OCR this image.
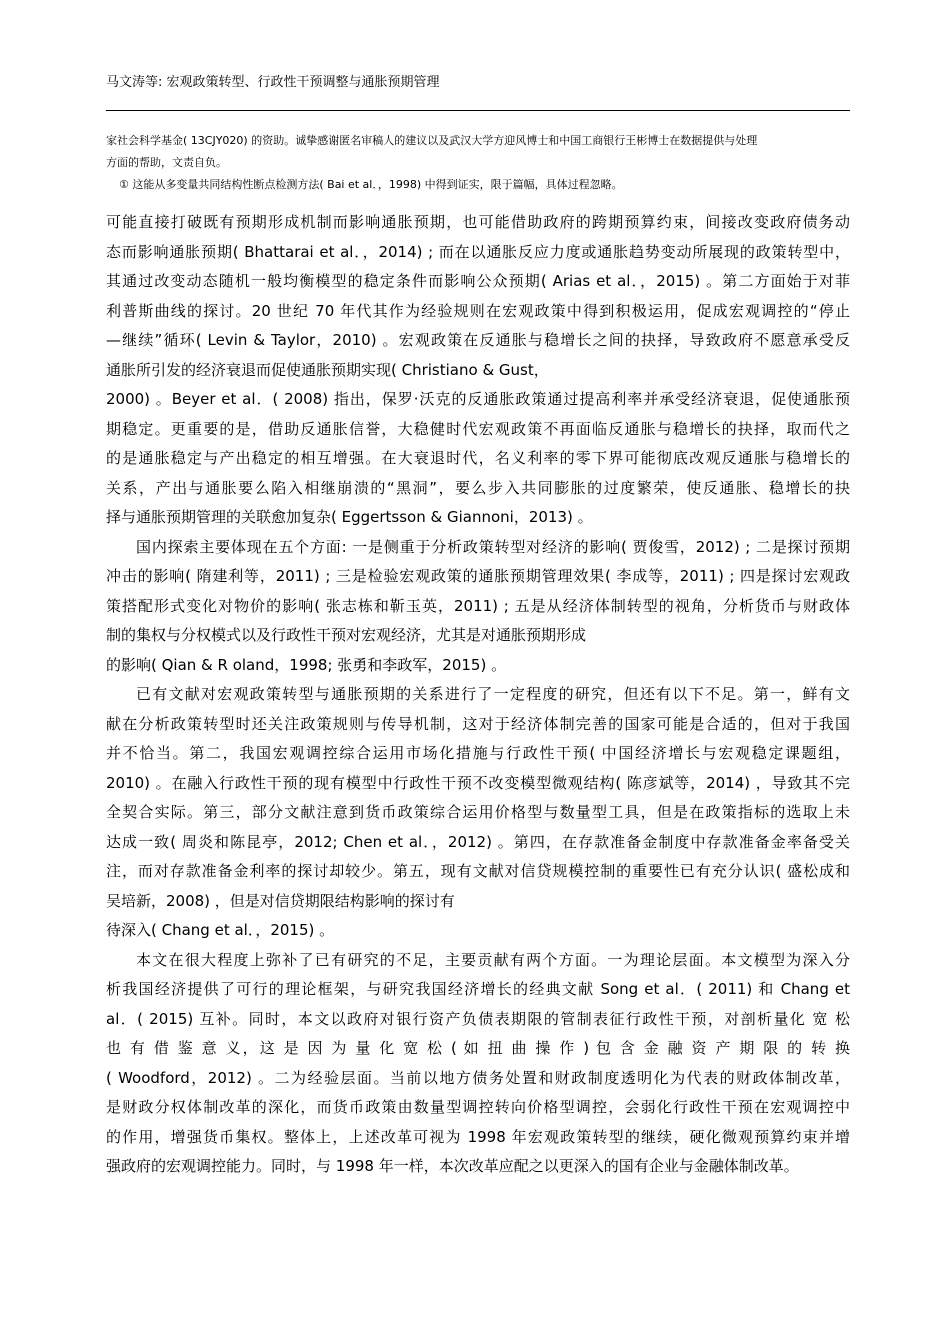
马文涛等: 宏观政策转型、行政性干预调整与通胀预期管理
家社会科学基金( 13CJY020) 的资助。诚挚感谢匿名审稿人的建议以及武汉大学方迎风博士和中国工商银行王彬博士在数据提供与处理
方面的帮助，文责自负。
① 这能从多变量共同结构性断点检测方法( Bai et al．，1998) 中得到证实，限于篇幅，具体过程忽略。
可能直接打破既有预期形成机制而影响通胀预期，也可能借助政府的跨期预算约束，间接改变政府债务动
态而影响通胀预期( Bhattarai et al．，2014) ; 而在以通胀反应力度或通胀趋势变动所展现的政策转型中，
其通过改变动态随机一般均衡模型的稳定条件而影响公众预期( Arias et al．，2015) 。第二方面始于对菲
利普斯曲线的探讨。20 世纪 70 年代其作为经验规则在宏观政策中得到积极运用，促成宏观调控的“停止
—继续”循环( Levin & Taylor，2010) 。宏观政策在反通胀与稳增长之间的抉择，导致政府不愿意承受反
通胀所引发的经济衰退而促使通胀预期实现( Christiano & Gust，
2000) 。Beyer et al．( 2008) 指出，保罗·沃克的反通胀政策通过提高利率并承受经济衰退，促使通胀预
期稳定。更重要的是，借助反通胀信誉，大稳健时代宏观政策不再面临反通胀与稳增长的抉择，取而代之
的是通胀稳定与产出稳定的相互增强。在大衰退时代，名义利率的零下界可能彻底改观反通胀与稳增长的
关系，产出与通胀要么陷入相继崩溃的“黑洞”，要么步入共同膨胀的过度繁荣，使反通胀、稳增长的抉
择与通胀预期管理的关联愈加复杂( Eggertsson & Giannoni，2013) 。
国内探索主要体现在五个方面: 一是侧重于分析政策转型对经济的影响( 贾俊雪，2012) ; 二是探讨预期
冲击的影响( 隋建利等，2011) ; 三是检验宏观政策的通胀预期管理效果( 李成等，2011) ; 四是探讨宏观政
策搭配形式变化对物价的影响( 张志栋和靳玉英，2011) ; 五是从经济体制转型的视角，分析货币与财政体
制的集权与分权模式以及行政性干预对宏观经济，尤其是对通胀预期形成
的影响( Qian & R oland，1998; 张勇和李政军，2015) 。
已有文献对宏观政策转型与通胀预期的关系进行了一定程度的研究，但还有以下不足。第一，鲜有文
献在分析政策转型时还关注政策规则与传导机制，这对于经济体制完善的国家可能是合适的，但对于我国
并不恰当。第二，我国宏观调控综合运用市场化措施与行政性干预( 中国经济增长与宏观稳定课题组，
2010) 。在融入行政性干预的现有模型中行政性干预不改变模型微观结构( 陈彦斌等，2014) ，导致其不完
全契合实际。第三，部分文献注意到货币政策综合运用价格型与数量型工具，但是在政策指标的选取上未
达成一致( 周炎和陈昆亭，2012; Chen et al．，2012) 。第四，在存款准备金制度中存款准备金率备受关
注，而对存款准备金利率的探讨却较少。第五，现有文献对信贷规模控制的重要性已有充分认识( 盛松成和
吴培新，2008) ，但是对信贷期限结构影响的探讨有
待深入( Chang et al．，2015) 。
本文在很大程度上弥补了已有研究的不足，主要贡献有两个方面。一为理论层面。本文模型为深入分
析我国经济提供了可行的理论框架，与研究我国经济增长的经典文献 Song et al．( 2011) 和 Chang et
al．( 2015) 互补。同时，本文以政府对银行资产负债表期限的管制表征行政性干预，对剖析量化 宽 松
也 有 借 鉴 意 义，这 是 因 为 量 化 宽 松 ( 如 扭 曲 操 作 ) 包 含 金 融 资 产 期 限 的 转 换
( Woodford，2012) 。二为经验层面。当前以地方债务处置和财政制度透明化为代表的财政体制改革，
是财政分权体制改革的深化，而货币政策由数量型调控转向价格型调控，会弱化行政性干预在宏观调控中
的作用，增强货币集权。整体上，上述改革可视为 1998 年宏观政策转型的继续，硬化微观预算约束并增
强政府的宏观调控能力。同时，与 1998 年一样，本次改革应配之以更深入的国有企业与金融体制改革。
